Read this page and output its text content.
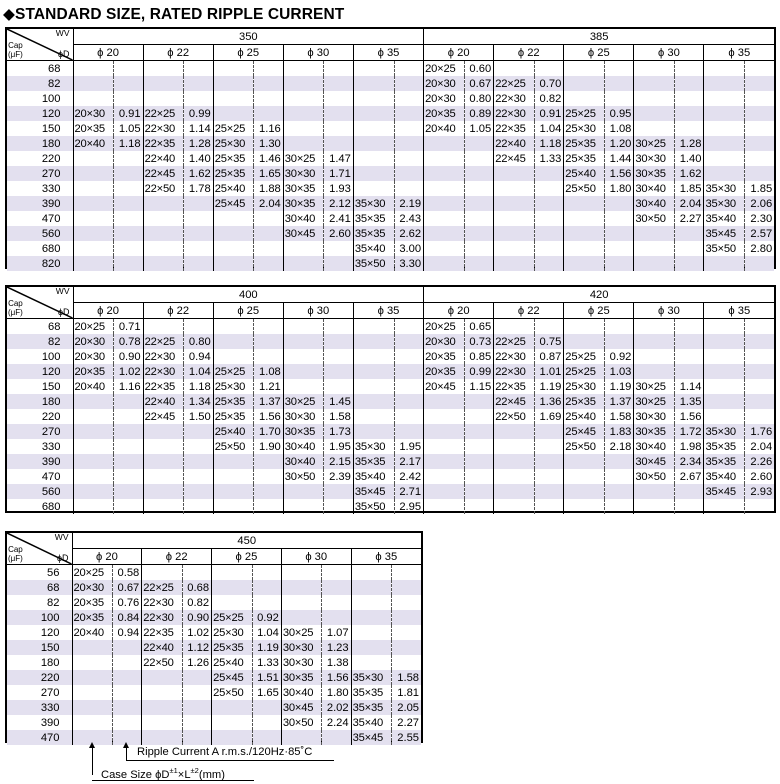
◆STANDARD SIZE, RATED RIPPLE CURRENT
WV
ϕD
Cap
(μF)	350										385									
	ϕ 20		ϕ 22		ϕ 25		ϕ 30		ϕ 35		ϕ 20		ϕ 22		ϕ 25		ϕ 30		ϕ 35	
68											20×25	0.60								
82											20×30	0.67	22×25	0.70						
100											20×30	0.80	22×30	0.82						
120	20×30	0.91	22×25	0.99							20×35	0.89	22×30	0.91	25×25	0.95				
150	20×35	1.05	22×30	1.14	25×25	1.16					20×40	1.05	22×35	1.04	25×30	1.08				
180	20×40	1.18	22×35	1.28	25×30	1.30							22×40	1.18	25×35	1.20	30×25	1.28		
220			22×40	1.40	25×35	1.46	30×25	1.47					22×45	1.33	25×35	1.44	30×30	1.40		
270			22×45	1.62	25×35	1.65	30×30	1.71							25×40	1.56	30×35	1.62		
330			22×50	1.78	25×40	1.88	30×35	1.93							25×50	1.80	30×40	1.85	35×30	1.85
390					25×45	2.04	30×35	2.12	35×30	2.19							30×40	2.04	35×30	2.06
470							30×40	2.41	35×35	2.43							30×50	2.27	35×40	2.30
560							30×45	2.60	35×35	2.62									35×45	2.57
680									35×40	3.00									35×50	2.80
820									35×50	3.30										
WV
ϕD
Cap
(μF)	400										420									
	ϕ 20		ϕ 22		ϕ 25		ϕ 30		ϕ 35		ϕ 20		ϕ 22		ϕ 25		ϕ 30		ϕ 35	
68	20×25	0.71									20×25	0.65								
82	20×30	0.78	22×25	0.80							20×30	0.73	22×25	0.75						
100	20×30	0.90	22×30	0.94							20×35	0.85	22×30	0.87	25×25	0.92				
120	20×35	1.02	22×30	1.04	25×25	1.08					20×35	0.99	22×30	1.01	25×25	1.03				
150	20×40	1.16	22×35	1.18	25×30	1.21					20×45	1.15	22×35	1.19	25×30	1.19	30×25	1.14		
180			22×40	1.34	25×35	1.37	30×25	1.45					22×45	1.36	25×35	1.37	30×25	1.35		
220			22×45	1.50	25×35	1.56	30×30	1.58					22×50	1.69	25×40	1.58	30×30	1.56		
270					25×40	1.70	30×35	1.73							25×45	1.83	30×35	1.72	35×30	1.76
330					25×50	1.90	30×40	1.95	35×30	1.95					25×50	2.18	30×40	1.98	35×35	2.04
390							30×40	2.15	35×35	2.17							30×45	2.34	35×35	2.26
470							30×50	2.39	35×40	2.42							30×50	2.67	35×40	2.60
560									35×45	2.71									35×45	2.93
680									35×50	2.95										
WV
ϕD
Cap
(μF)	450									
	ϕ 20		ϕ 22		ϕ 25		ϕ 30		ϕ 35	
56	20×25	0.58								
68	20×30	0.67	22×25	0.68						
82	20×35	0.76	22×30	0.82						
100	20×35	0.84	22×30	0.90	25×25	0.92				
120	20×40	0.94	22×35	1.02	25×30	1.04	30×25	1.07		
150			22×40	1.12	25×35	1.19	30×30	1.23		
180			22×50	1.26	25×40	1.33	30×30	1.38		
220					25×45	1.51	30×35	1.56	35×30	1.58
270					25×50	1.65	30×40	1.80	35×35	1.81
330							30×45	2.02	35×35	2.05
390							30×50	2.24	35×40	2.27
470									35×45	2.55
Ripple Current A r.m.s./120Hz·85˚C
Case Size $\phi D^{\pm 1}\times L^{\pm 2}(mm)$
